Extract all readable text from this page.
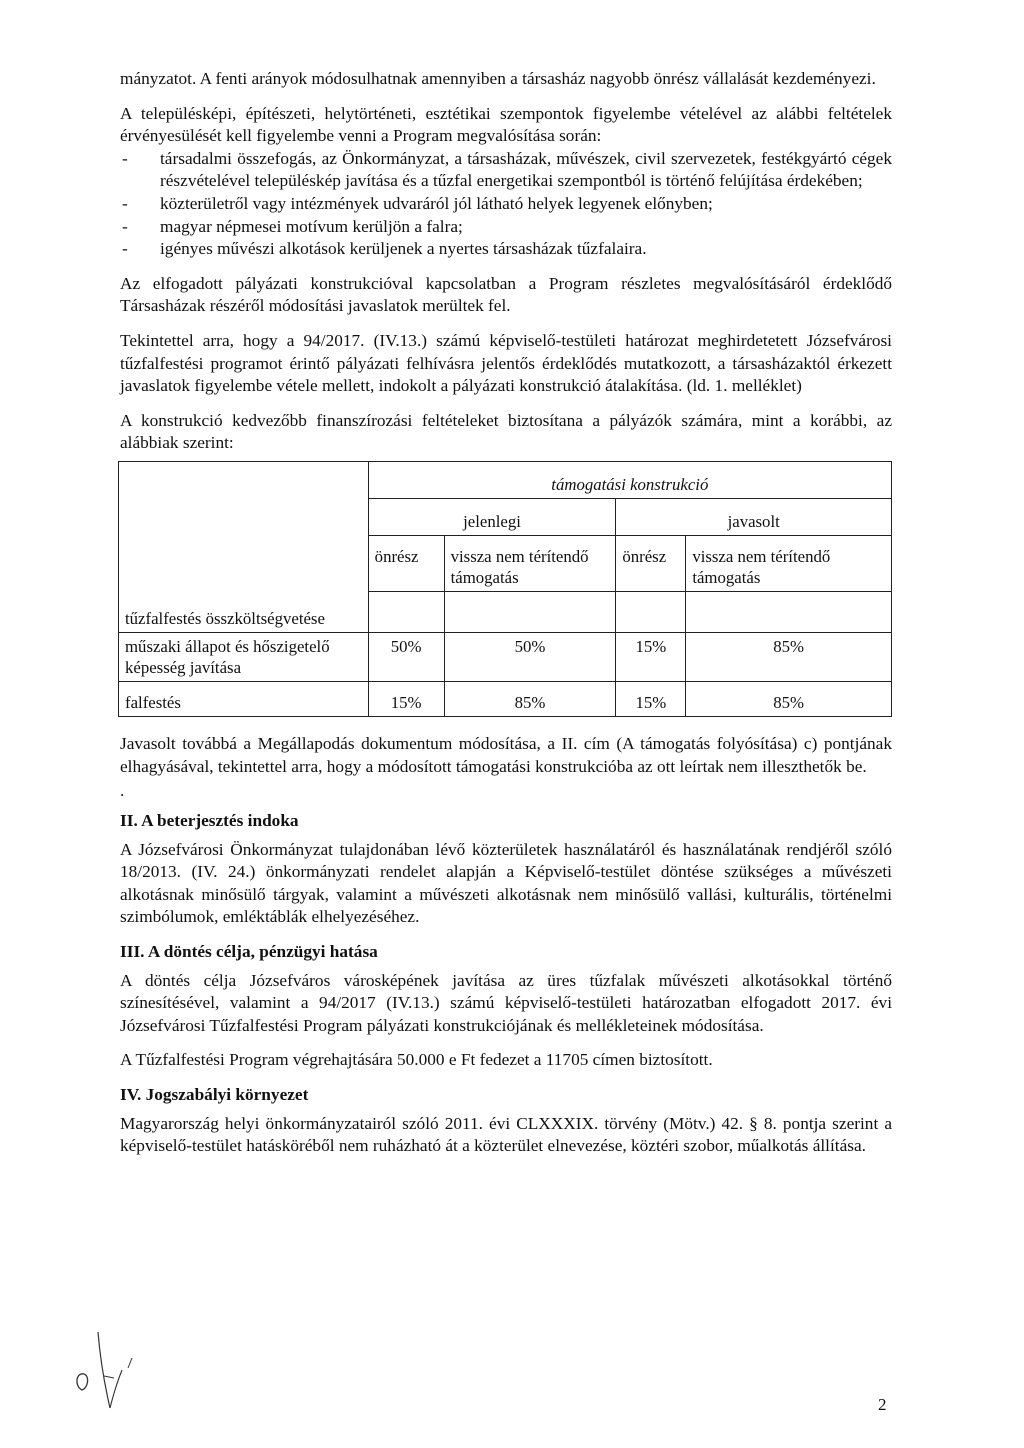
mányzatot. A fenti arányok módosulhatnak amennyiben a társasház nagyobb önrész vállalását kezdeményezi.

A településképi, építészeti, helytörténeti, esztétikai szempontok figyelembe vételével az alábbi feltételek érvényesülését kell figyelembe venni a Program megvalósítása során:

- társadalmi összefogás, az Önkormányzat, a társasházak, művészek, civil szervezetek, festékgyártó cégek részvételével településkép javítása és a tűzfal energetikai szempontból is történő felújítása érdekében;
- közterületről vagy intézmények udvaráról jól látható helyek legyenek előnyben;
- magyar népmesei motívum kerüljön a falra;
- igényes művészi alkotások kerüljenek a nyertes társasházak tűzfalaira.

Az elfogadott pályázati konstrukcióval kapcsolatban a Program részletes megvalósításáról érdeklődő Társasházak részéről módosítási javaslatok merültek fel.

Tekintettel arra, hogy a 94/2017. (IV.13.) számú képviselő-testületi határozat meghirdetetett Józsefvárosi tűzfalfestési programot érintő pályázati felhívásra jelentős érdeklődés mutatkozott, a társasházaktól érkezett javaslatok figyelembe vétele mellett, indokolt a pályázati konstrukció átalakítása. (ld. 1. melléklet)

A konstrukció kedvezőbb finanszírozási feltételeket biztosítana a pályázók számára, mint a korábbi, az alábbiak szerint:

tűzfalfestés összköltségvetése	támogatási konstrukció			
	jelenlegi		javasolt	
	önrész	vissza nem térítendő támogatás	önrész	vissza nem térítendő támogatás

műszaki állapot és hőszigetelő képesség javítása	50%	50%	15%	85%
falfestés	15%	85%	15%	85%

Javasolt továbbá a Megállapodás dokumentum módosítása, a II. cím (A támogatás folyósítása) c) pontjának elhagyásával, tekintettel arra, hogy a módosított támogatási konstrukcióba az ott leírtak nem illeszthetők be.

.
II. A beterjesztés indoka

A Józsefvárosi Önkormányzat tulajdonában lévő közterületek használatáról és használatának rendjéről szóló 18/2013. (IV. 24.) önkormányzati rendelet alapján a Képviselő-testület döntése szükséges a művészeti alkotásnak minősülő tárgyak, valamint a művészeti alkotásnak nem minősülő vallási, kulturális, történelmi szimbólumok, emléktáblák elhelyezéséhez.

III. A döntés célja, pénzügyi hatása

A döntés célja Józsefváros városképének javítása az üres tűzfalak művészeti alkotásokkal történő színesítésével, valamint a 94/2017 (IV.13.) számú képviselő-testületi határozatban elfogadott 2017. évi Józsefvárosi Tűzfalfestési Program pályázati konstrukciójának és mellékleteinek módosítása.

A Tűzfalfestési Program végrehajtására 50.000 e Ft fedezet a 11705 címen biztosított.

IV. Jogszabályi környezet

Magyarország helyi önkormányzatairól szóló 2011. évi CLXXXIX. törvény (Mötv.) 42. § 8. pontja szerint a képviselő-testület hatásköréből nem ruházható át a közterület elnevezése, köztéri szobor, műalkotás állítása.

2
